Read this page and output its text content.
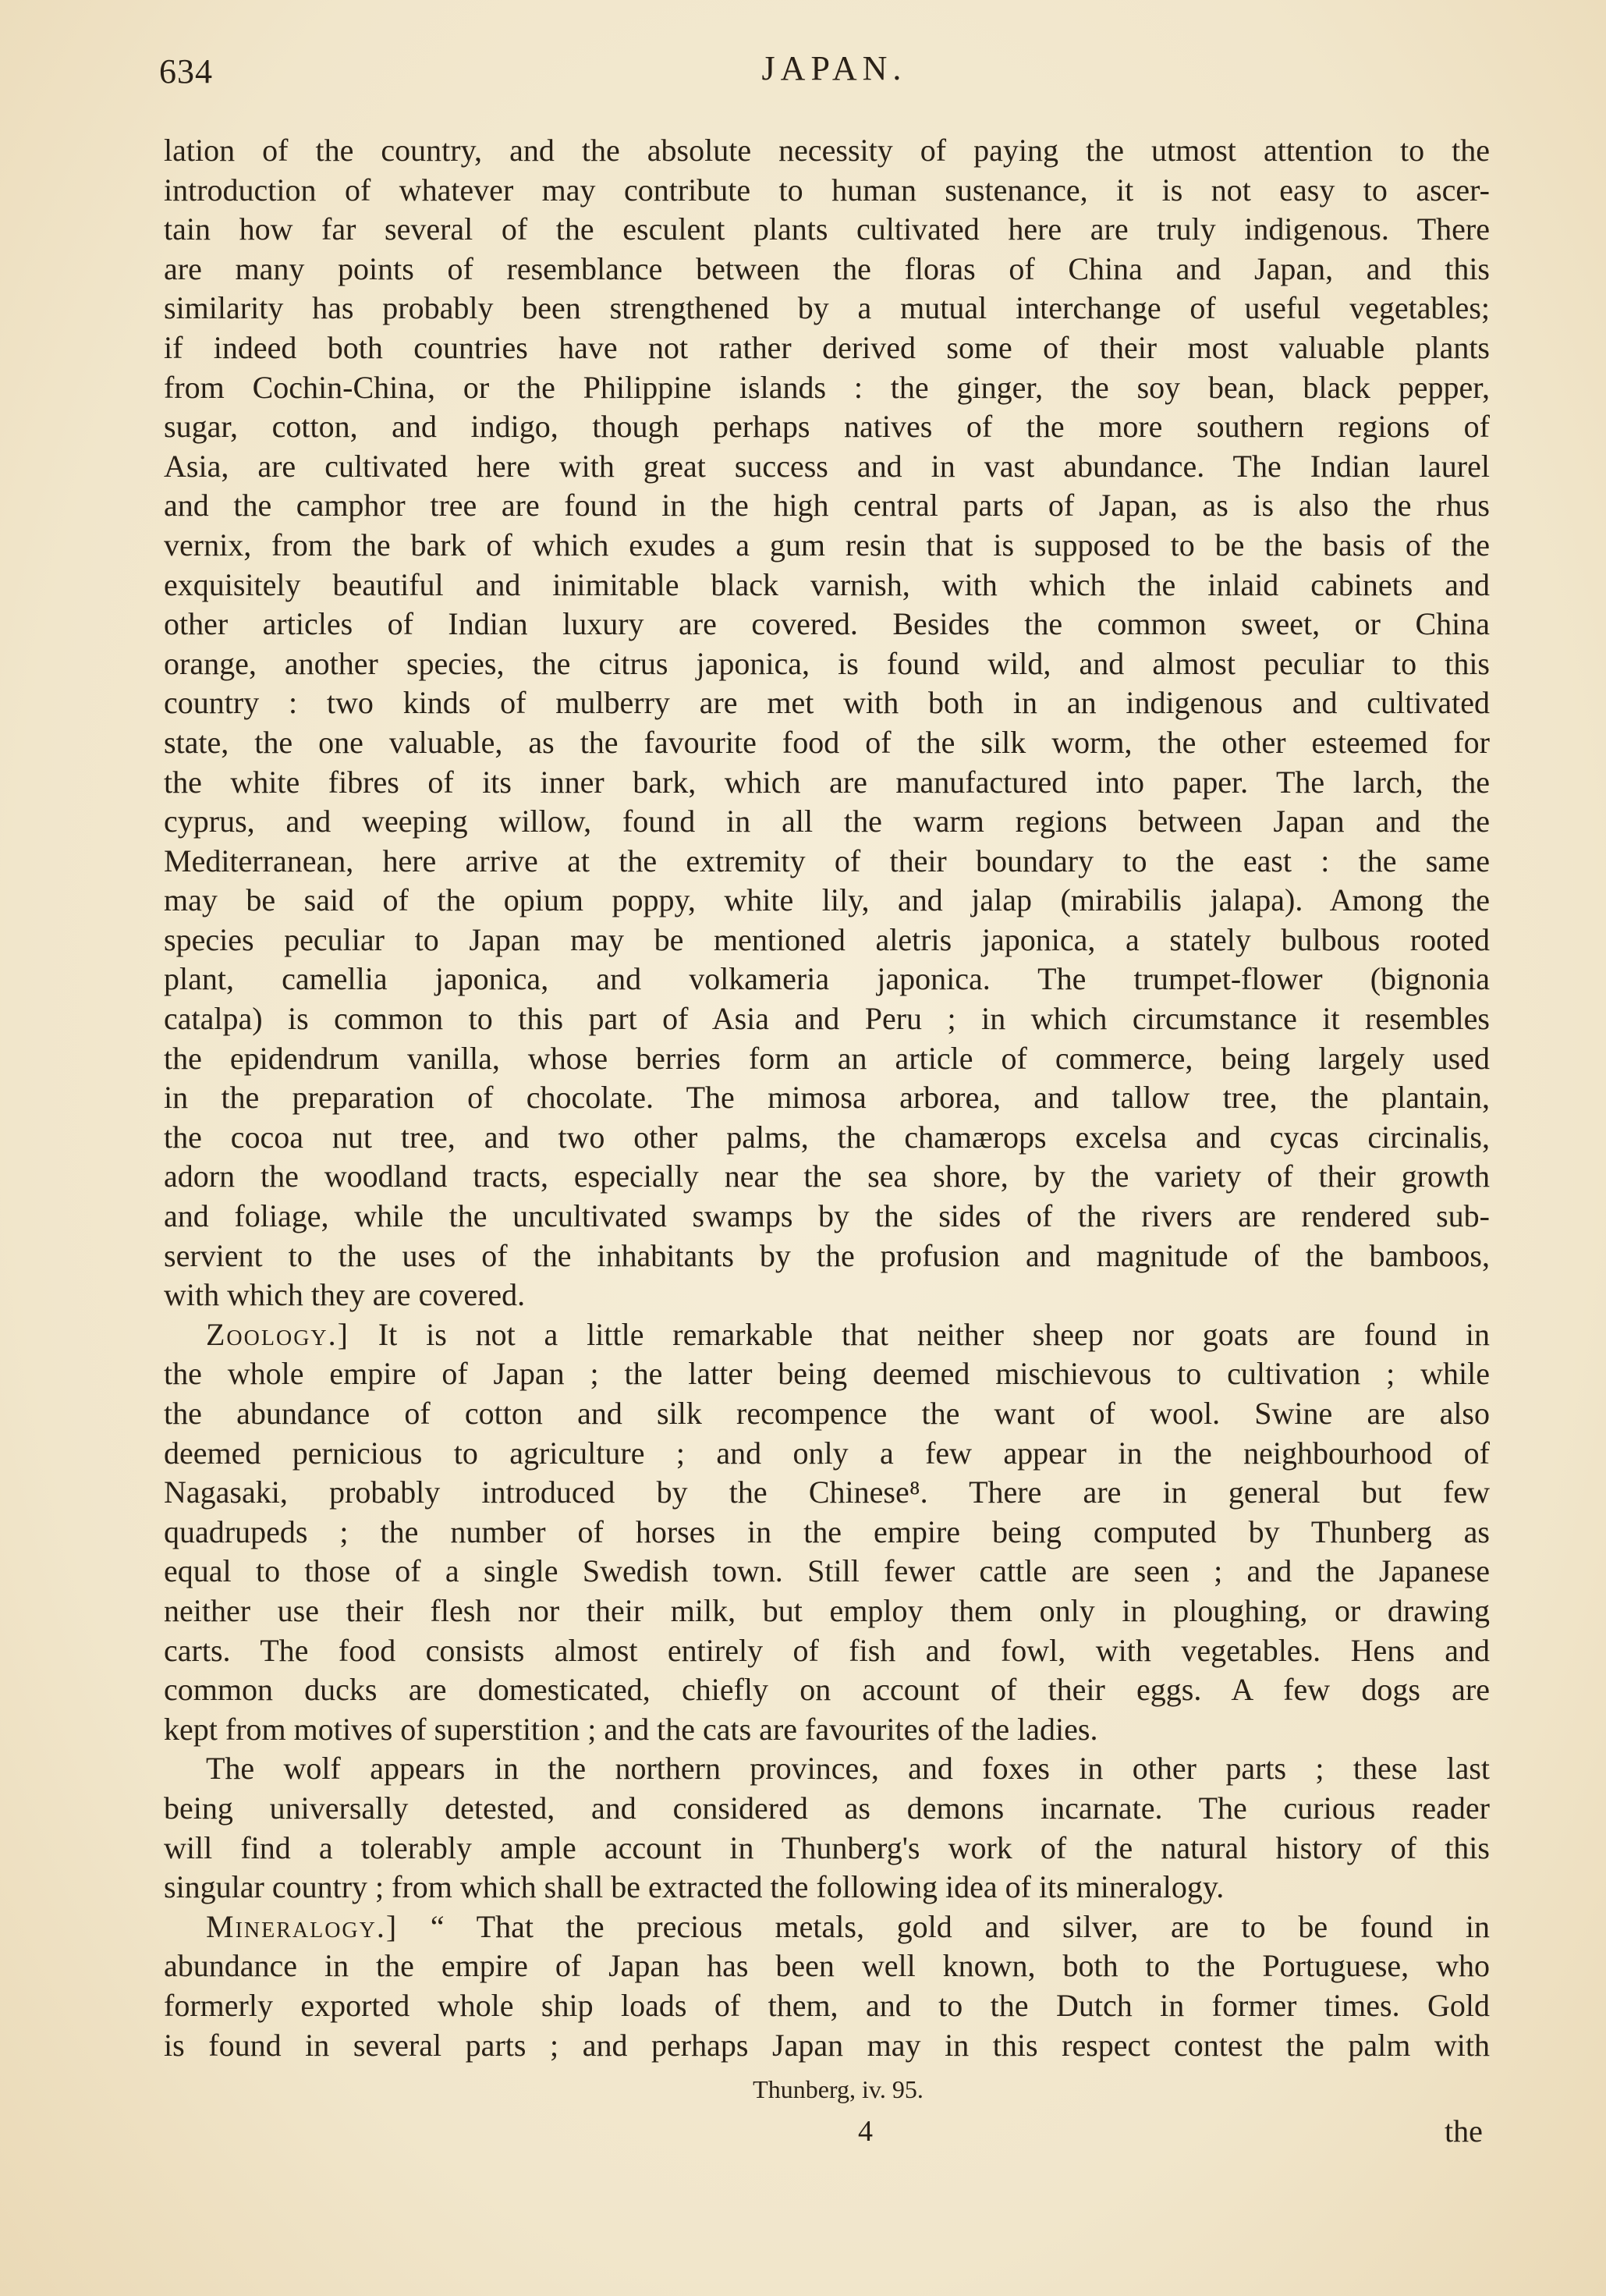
634	JAPAN.
lation of the country, and the absolute necessity of paying the utmost attention to the
introduction of whatever may contribute to human sustenance, it is not easy to ascer-
tain how far several of the esculent plants cultivated here are truly indigenous. There
are many points of resemblance between the floras of China and Japan, and this
similarity has probably been strengthened by a mutual interchange of useful vegetables;
if indeed both countries have not rather derived some of their most valuable plants
from Cochin-China, or the Philippine islands : the ginger, the soy bean, black pepper,
sugar, cotton, and indigo, though perhaps natives of the more southern regions of
Asia, are cultivated here with great success and in vast abundance. The Indian laurel
and the camphor tree are found in the high central parts of Japan, as is also the rhus
vernix, from the bark of which exudes a gum resin that is supposed to be the basis of the
exquisitely beautiful and inimitable black varnish, with which the inlaid cabinets and
other articles of Indian luxury are covered. Besides the common sweet, or China
orange, another species, the citrus japonica, is found wild, and almost peculiar to this
country : two kinds of mulberry are met with both in an indigenous and cultivated
state, the one valuable, as the favourite food of the silk worm, the other esteemed for
the white fibres of its inner bark, which are manufactured into paper. The larch, the
cyprus, and weeping willow, found in all the warm regions between Japan and the
Mediterranean, here arrive at the extremity of their boundary to the east : the same
may be said of the opium poppy, white lily, and jalap (mirabilis jalapa). Among the
species peculiar to Japan may be mentioned aletris japonica, a stately bulbous rooted
plant, camellia japonica, and volkameria japonica. The trumpet-flower (bignonia
catalpa) is common to this part of Asia and Peru ; in which circumstance it resembles
the epidendrum vanilla, whose berries form an article of commerce, being largely used
in the preparation of chocolate. The mimosa arborea, and tallow tree, the plantain,
the cocoa nut tree, and two other palms, the chamærops excelsa and cycas circinalis,
adorn the woodland tracts, especially near the sea shore, by the variety of their growth
and foliage, while the uncultivated swamps by the sides of the rivers are rendered sub-
servient to the uses of the inhabitants by the profusion and magnitude of the bamboos,
with which they are covered.
Zoology.] It is not a little remarkable that neither sheep nor goats are found in
the whole empire of Japan ; the latter being deemed mischievous to cultivation ; while
the abundance of cotton and silk recompence the want of wool. Swine are also
deemed pernicious to agriculture ; and only a few appear in the neighbourhood of
Nagasaki, probably introduced by the Chinese⁸. There are in general but few
quadrupeds ; the number of horses in the empire being computed by Thunberg as
equal to those of a single Swedish town. Still fewer cattle are seen ; and the Japanese
neither use their flesh nor their milk, but employ them only in ploughing, or drawing
carts. The food consists almost entirely of fish and fowl, with vegetables. Hens and
common ducks are domesticated, chiefly on account of their eggs. A few dogs are
kept from motives of superstition ; and the cats are favourites of the ladies.
The wolf appears in the northern provinces, and foxes in other parts ; these last
being universally detested, and considered as demons incarnate. The curious reader
will find a tolerably ample account in Thunberg's work of the natural history of this
singular country ; from which shall be extracted the following idea of its mineralogy.
Mineralogy.] “ That the precious metals, gold and silver, are to be found in
abundance in the empire of Japan has been well known, both to the Portuguese, who
formerly exported whole ship loads of them, and to the Dutch in former times. Gold
is found in several parts ; and perhaps Japan may in this respect contest the palm with
Thunberg, iv. 95.
4	the
